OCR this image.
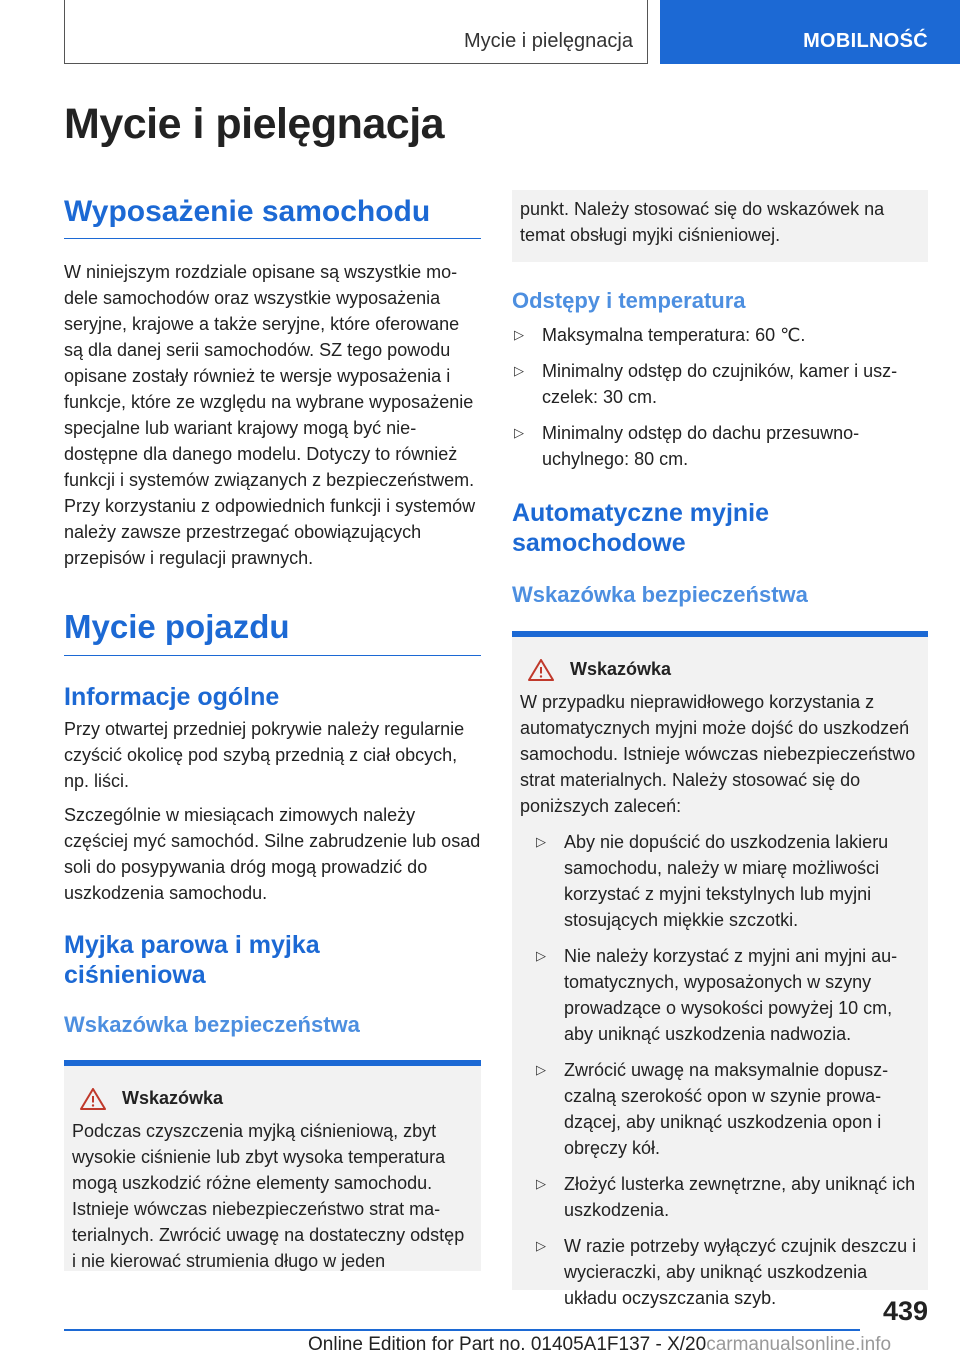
Mycie i pielęgnacja	MOBILNOŚĆ
Mycie i pielęgnacja
Wyposażenie samochodu

W niniejszym rozdziale opisane są wszystkie modele samochodów oraz wszystkie wyposażenia seryjne, krajowe a także seryjne, które oferowane są dla danej serii samochodów. SZ tego powodu opisane zostały również te wersje wyposażenia i funkcje, które ze względu na wybrane wyposażenie specjalne lub wariant krajowy mogą być niedostępne dla danego modelu. Dotyczy to również funkcji i systemów związanych z bezpieczeństwem. Przy korzystaniu z odpowiednich funkcji i systemów należy zawsze przestrzegać obowiązujących przepisów i regulacji prawnych.

Mycie pojazdu
Informacje ogólne

Przy otwartej przedniej pokrywie należy regularnie czyścić okolicę pod szybą przednią z ciał obcych, np. liści.

Szczególnie w miesiącach zimowych należy częściej myć samochód. Silne zabrudzenie lub osad soli do posypywania dróg mogą prowadzić do uszkodzenia samochodu.

Myjka parowa i myjka ciśnieniowa
Wskazówka bezpieczeństwa
Wskazówka

Podczas czyszczenia myjką ciśnieniową, zbyt wysokie ciśnienie lub zbyt wysoka temperatura mogą uszkodzić różne elementy samochodu. Istnieje wówczas niebezpieczeństwo strat materialnych. Zwrócić uwagę na dostateczny odstęp i nie kierować strumienia długo w jeden

punkt. Należy stosować się do wskazówek na temat obsługi myjki ciśnieniowej.

Odstępy i temperatura
▷ Maksymalna temperatura: 60 ℃.
▷ Minimalny odstęp do czujników, kamer i uszczelek: 30 cm.
▷ Minimalny odstęp do dachu przesuwno-uchylnego: 80 cm.
Automatyczne myjnie samochodowe
Wskazówka bezpieczeństwa
Wskazówka

W przypadku nieprawidłowego korzystania z automatycznych myjni może dojść do uszkodzeń samochodu. Istnieje wówczas niebezpieczeństwo strat materialnych. Należy stosować się do poniższych zaleceń:

▷ Aby nie dopuścić do uszkodzenia lakieru samochodu, należy w miarę możliwości korzystać z myjni tekstylnych lub myjni stosujących miękkie szczotki.
▷ Nie należy korzystać z myjni ani myjni automatycznych, wyposażonych w szyny prowadzące o wysokości powyżej 10 cm, aby uniknąć uszkodzenia nadwozia.
▷ Zwrócić uwagę na maksymalnie dopuszczalną szerokość opon w szynie prowadzącej, aby uniknąć uszkodzenia opon i obręczy kół.
▷ Złożyć lusterka zewnętrzne, aby uniknąć ich uszkodzenia.
▷ W razie potrzeby wyłączyć czujnik deszczu i wycieraczki, aby uniknąć uszkodzenia układu oczyszczania szyb.	439
Online Edition for Part no. 01405A1F137 - X/20carmanualsonline.info
